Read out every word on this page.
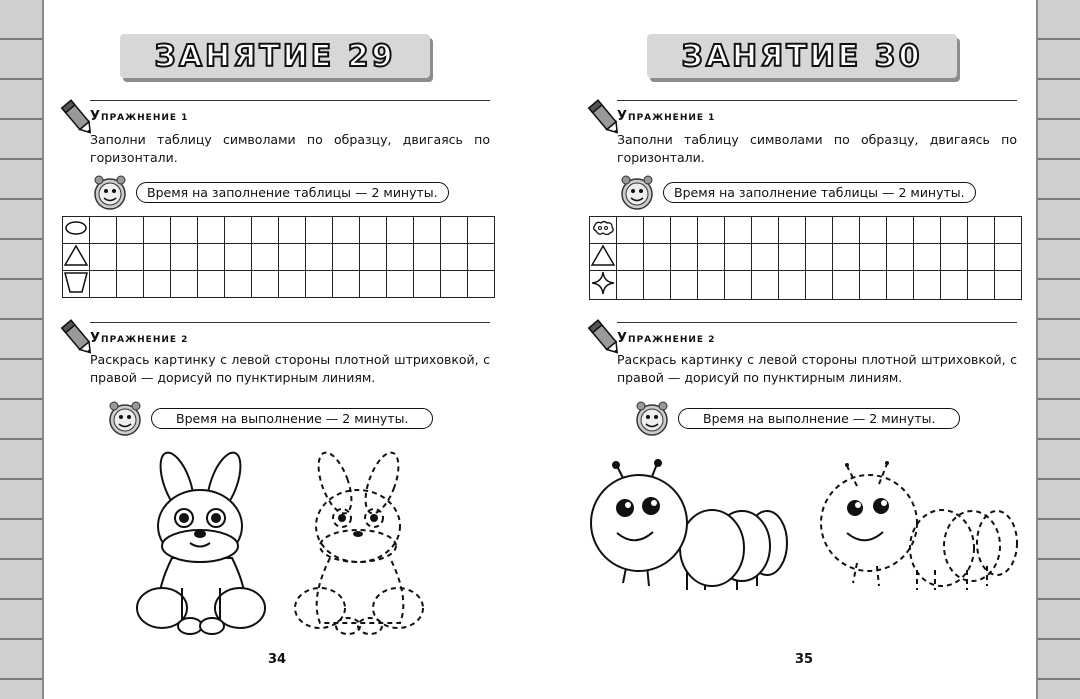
ЗАНЯТИЕ 29
УПРАЖНЕНИЕ 1
Заполни таблицу символами по образцу, двигаясь по горизонтали.
Время на заполнение таблицы — 2 минуты.

УПРАЖНЕНИЕ 2
Раскрась картинку с левой стороны плотной штриховкой, с правой — дорисуй по пунктирным линиям.
Время на выполнение — 2 минуты.
34
ЗАНЯТИЕ 30
УПРАЖНЕНИЕ 1
Заполни таблицу символами по образцу, двигаясь по горизонтали.
Время на заполнение таблицы — 2 минуты.

УПРАЖНЕНИЕ 2
Раскрась картинку с левой стороны плотной штриховкой, с правой — дорисуй по пунктирным линиям.
Время на выполнение — 2 минуты.
35
